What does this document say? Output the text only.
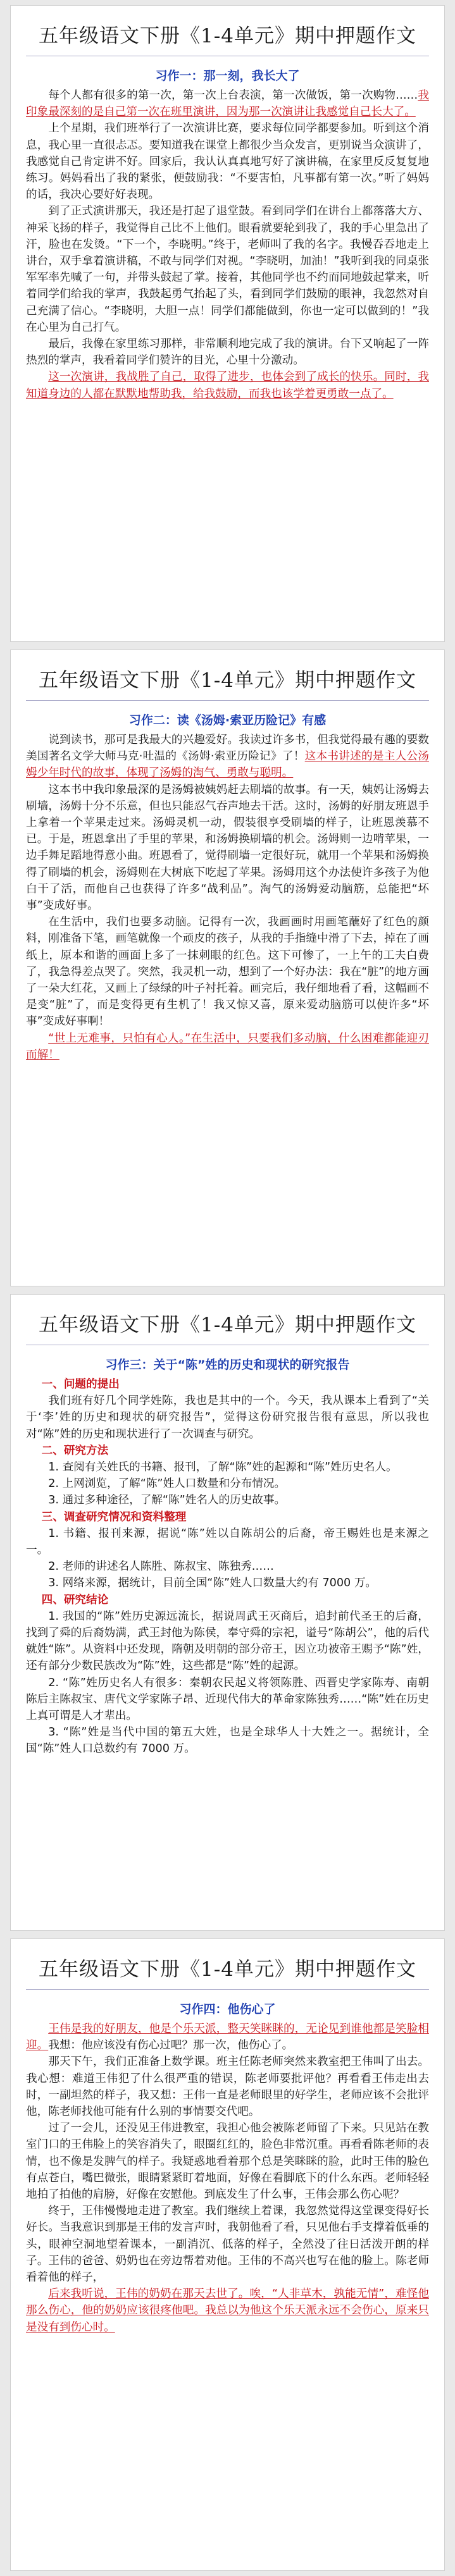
五年级语文下册《1-4单元》期中押题作文
习作一：那一刻，我长大了

每个人都有很多的第一次，第一次上台表演，第一次做饭，第一次购物……我印象最深刻的是自己第一次在班里演讲，因为那一次演讲让我感觉自己长大了。

上个星期，我们班举行了一次演讲比赛，要求每位同学都要参加。听到这个消息，我心里一直很忐忑。要知道我在课堂上都很少当众发言，更别说当众演讲了，我感觉自己肯定讲不好。回家后，我认认真真地写好了演讲稿，在家里反反复复地练习。妈妈看出了我的紧张，便鼓励我：“不要害怕，凡事都有第一次。”听了妈妈的话，我决心要好好表现。

到了正式演讲那天，我还是打起了退堂鼓。看到同学们在讲台上都落落大方、神采飞扬的样子，我觉得自己比不上他们。眼看就要轮到我了，我的手心里急出了汗，脸也在发烫。“下一个，李晓明。”终于，老师叫了我的名字。我慢吞吞地走上讲台，双手拿着演讲稿，不敢与同学们对视。“李晓明，加油！”我听到我的同桌张军军率先喊了一句，并带头鼓起了掌。接着，其他同学也不约而同地鼓起掌来，听着同学们给我的掌声，我鼓起勇气抬起了头，看到同学们鼓励的眼神，我忽然对自己充满了信心。“李晓明，大胆一点！同学们都能做到，你也一定可以做到的！”我在心里为自己打气。

最后，我像在家里练习那样，非常顺利地完成了我的演讲。台下又响起了一阵热烈的掌声，我看着同学们赞许的目光，心里十分激动。

这一次演讲，我战胜了自己，取得了进步，也体会到了成长的快乐。同时，我知道身边的人都在默默地帮助我，给我鼓励，而我也该学着更勇敢一点了。

五年级语文下册《1-4单元》期中押题作文
习作二：读《汤姆·索亚历险记》有感

说到读书，那可是我最大的兴趣爱好。我读过许多书，但我觉得最有趣的要数美国著名文学大师马克·吐温的《汤姆·索亚历险记》了！这本书讲述的是主人公汤姆少年时代的故事，体现了汤姆的淘气、勇敢与聪明。

这本书中我印象最深的是汤姆被姨妈赶去刷墙的故事。有一天，姨妈让汤姆去刷墙，汤姆十分不乐意，但也只能忍气吞声地去干活。这时，汤姆的好朋友班恩手上拿着一个苹果走过来。汤姆灵机一动，假装很享受刷墙的样子，让班恩羡慕不已。于是，班恩拿出了手里的苹果，和汤姆换刷墙的机会。汤姆则一边啃苹果，一边手舞足蹈地得意小曲。班恩看了，觉得刷墙一定很好玩，就用一个苹果和汤姆换得了刷墙的机会，汤姆则在大树底下吃起了苹果。汤姆用这个办法使许多孩子为他白干了活，而他自己也获得了许多“战利品”。淘气的汤姆爱动脑筋，总能把“坏事”变成好事。

在生活中，我们也要多动脑。记得有一次，我画画时用画笔蘸好了红色的颜料，刚准备下笔，画笔就像一个顽皮的孩子，从我的手指缝中滑了下去，掉在了画纸上，原本和谐的画面上多了一抹刺眼的红色。这下可惨了，一上午的工夫白费了，我急得差点哭了。突然，我灵机一动，想到了一个好办法：我在“脏”的地方画了一朵大红花，又画上了绿绿的叶子衬托着。画完后，我仔细地看了看，这幅画不是变“脏”了，而是变得更有生机了！我又惊又喜，原来爱动脑筋可以使许多“坏事”变成好事啊！

“世上无难事，只怕有心人。”在生活中，只要我们多动脑，什么困难都能迎刃而解！

五年级语文下册《1-4单元》期中押题作文
习作三：关于“陈”姓的历史和现状的研究报告

一、问题的提出

我们班有好几个同学姓陈，我也是其中的一个。今天，我从课本上看到了“关于‘李’姓的历史和现状的研究报告”，觉得这份研究报告很有意思，所以我也对“陈”姓的历史和现状进行了一次调查与研究。

二、研究方法

1. 查阅有关姓氏的书籍、报刊，了解“陈”姓的起源和“陈”姓历史名人。

2. 上网浏览，了解“陈”姓人口数量和分布情况。

3. 通过多种途径，了解“陈”姓名人的历史故事。

三、调查研究情况和资料整理

1. 书籍、报刊来源，据说“陈”姓以自陈胡公的后裔，帝王赐姓也是来源之一。

2. 老师的讲述名人陈胜、陈叔宝、陈独秀……

3. 网络来源，据统计，目前全国“陈”姓人口数量大约有 7000 万。

四、研究结论

1. 我国的“陈”姓历史源远流长，据说周武王灭商后，追封前代圣王的后裔，找到了舜的后裔妫满，武王封他为陈侯，奉守舜的宗祀，谥号“陈胡公”，他的后代就姓“陈”。从资料中还发现，隋朝及明朝的部分帝王，因立功被帝王赐予“陈”姓，还有部分少数民族改为“陈”姓，这些都是“陈”姓的起源。

2. “陈”姓历史名人有很多：秦朝农民起义将领陈胜、西晋史学家陈寿、南朝陈后主陈叔宝、唐代文学家陈子昂、近现代伟大的革命家陈独秀……“陈”姓在历史上真可谓是人才辈出。

3. “陈”姓是当代中国的第五大姓，也是全球华人十大姓之一。据统计，全国“陈”姓人口总数约有 7000 万。

五年级语文下册《1-4单元》期中押题作文
习作四：他伤心了

王伟是我的好朋友，他是个乐天派，整天笑眯眯的，无论见到谁他都是笑脸相迎。我想：他应该没有伤心过吧？那一次，他伤心了。

那天下午，我们正准备上数学课。班主任陈老师突然来教室把王伟叫了出去。我心想：难道王伟犯了什么很严重的错误，陈老师要批评他？再看看王伟走出去时，一副坦然的样子，我又想：王伟一直是老师眼里的好学生，老师应该不会批评他，陈老师找他可能有什么别的事情要交代吧。

过了一会儿，还没见王伟进教室，我担心他会被陈老师留了下来。只见站在教室门口的王伟脸上的笑容消失了，眼圈红红的，脸色非常沉重。再看看陈老师的表情，也不像是发脾气的样子。我疑惑地看着那个总是笑眯眯的脸，此时王伟的脸色有点苍白，嘴巴微张，眼睛紧紧盯着地面，好像在看脚底下的什么东西。老师轻轻地拍了拍他的肩膀，好像在安慰他。到底发生了什么事，王伟会那么伤心呢？

终于，王伟慢慢地走进了教室。我们继续上着课，我忽然觉得这堂课变得好长好长。当我意识到那是王伟的发言声时，我朝他看了看，只见他右手支撑着低垂的头，眼神空洞地望着课本，一副消沉、低落的样子，全然没了往日活泼开朗的样子。王伟的爸爸、奶奶也在旁边帮着劝他。王伟的不高兴也写在他的脸上。陈老师看着他的样子，

后来我听说，王伟的奶奶在那天去世了。唉，“人非草木，孰能无情”，难怪他那么伤心，他的奶奶应该很疼他吧。我总以为他这个乐天派永远不会伤心，原来只是没有到伤心时。
